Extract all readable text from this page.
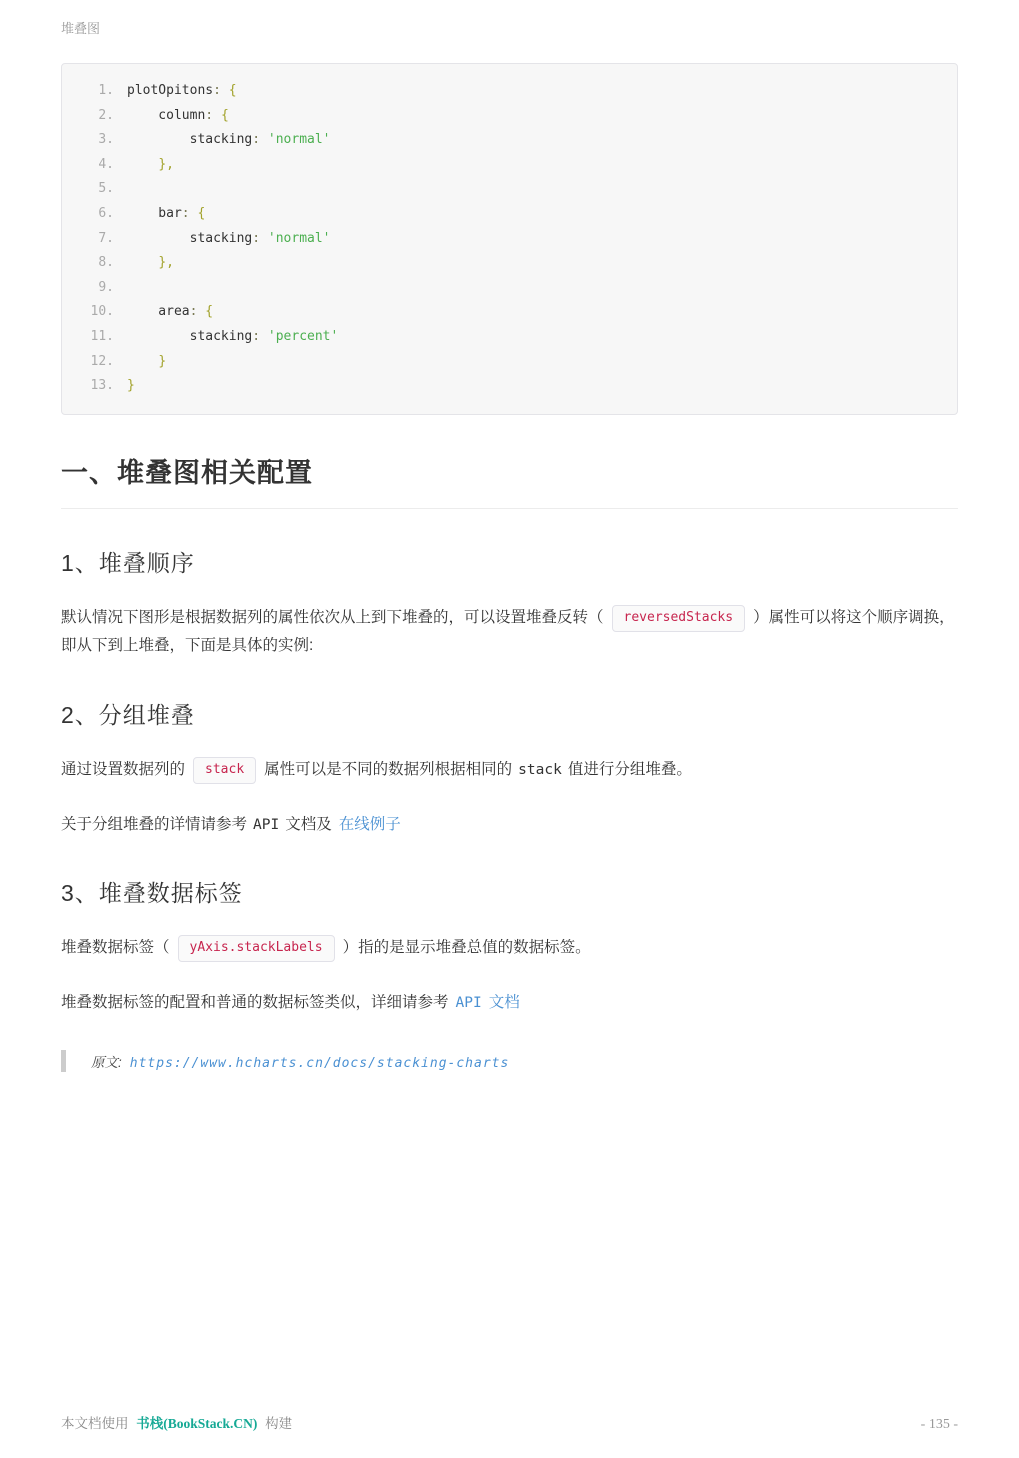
堆叠图
1. plotOpitons: {
2. column: {
3. stacking: 'normal'
4.	},
5.
6. bar: {
7. stacking: 'normal'
8.	},
9.
10. area: {
11. stacking: 'percent'
12.	}
13. }
一、堆叠图相关配置
1、堆叠顺序

默认情况下图形是根据数据列的属性依次从上到下堆叠的，可以设置堆叠反转（ reversedStacks ）属性可以将这个顺序调换，即从下到上堆叠，下面是具体的实例:

2、分组堆叠

通过设置数据列的 stack 属性可以是不同的数据列根据相同的 stack 值进行分组堆叠。

关于分组堆叠的详情请参考 API 文档及 在线例子

3、堆叠数据标签

堆叠数据标签（ yAxis.stackLabels ）指的是显示堆叠总值的数据标签。

堆叠数据标签的配置和普通的数据标签类似，详细请参考 API 文档

原文: https://www.hcharts.cn/docs/stacking-charts
本文档使用 书栈(BookStack.CN) 构建	- 135 -
